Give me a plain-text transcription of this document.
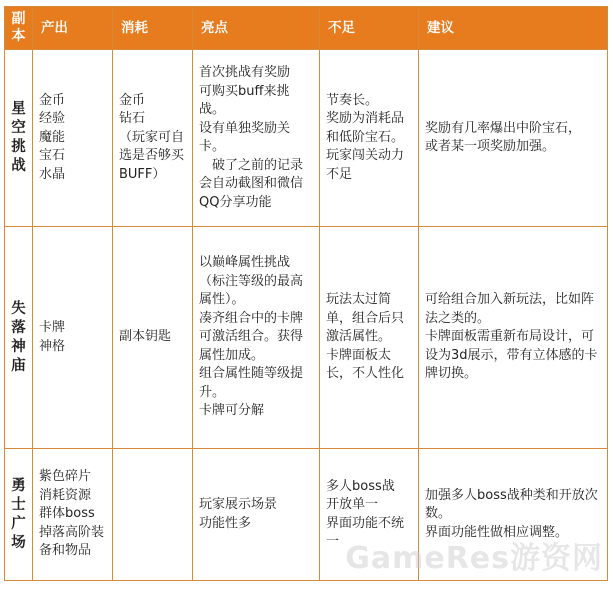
副 本	产出	消耗	亮点	不足	建议
星
空
挑
战	金币
经验
魔能
宝石
水晶	金币
钻石
（玩家可自选是否够买BUFF）	首次挑战有奖励
可购买buff来挑战。
设有单独奖励关卡。
　破了之前的记录会自动截图和微信QQ分享功能	节奏长。
奖励为消耗品和低阶宝石。
玩家闯关动力不足	奖励有几率爆出中阶宝石，
或者某一项奖励加强。
失
落
神
庙	卡牌
神格	副本钥匙	以巅峰属性挑战（标注等级的最高属性）。
凑齐组合中的卡牌可激活组合。获得属性加成。
组合属性随等级提升。
卡牌可分解	玩法太过简单，组合后只激活属性。
卡牌面板太长，不人性化	可给组合加入新玩法，比如阵法之类的。
卡牌面板需重新布局设计，可设为3d展示，带有立体感的卡牌切换。
勇
士
广
场	紫色碎片
消耗资源
群体boss
掉落高阶装备和物品		玩家展示场景
功能性多	多人boss战
开放单一
界面功能不统一	加强多人boss战种类和开放次数。
界面功能性做相应调整。
GameRes游资网
